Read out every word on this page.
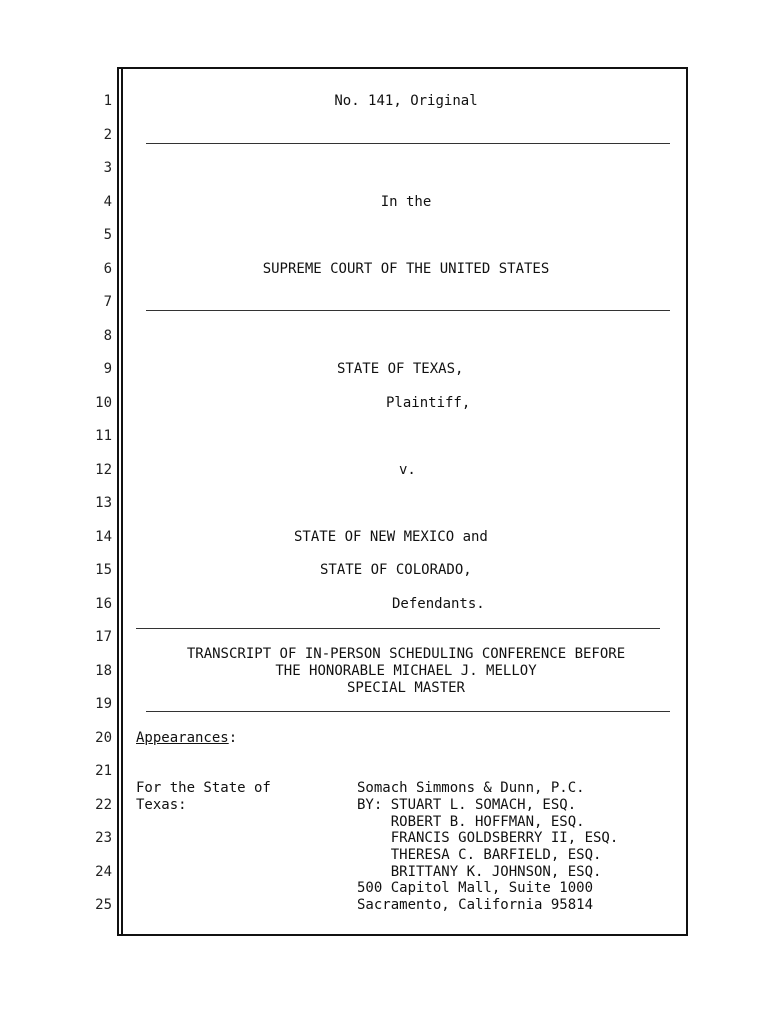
1
2
3
4
5
6
7
8
9
10
11
12
13
14
15
16
17
18
19
20
21
22
23
24
25
No. 141, Original
In the
SUPREME COURT OF THE UNITED STATES
STATE OF TEXAS,
Plaintiff,
v.
STATE OF NEW MEXICO and
STATE OF COLORADO,
Defendants.
TRANSCRIPT OF IN-PERSON SCHEDULING CONFERENCE BEFORE
THE HONORABLE MICHAEL J. MELLOY
SPECIAL MASTER
Appearances:
For the State of
Texas:
Somach Simmons & Dunn, P.C.
BY: STUART L. SOMACH, ESQ.
ROBERT B. HOFFMAN, ESQ.
FRANCIS GOLDSBERRY II, ESQ.
THERESA C. BARFIELD, ESQ.
BRITTANY K. JOHNSON, ESQ.
500 Capitol Mall, Suite 1000
Sacramento, California 95814
